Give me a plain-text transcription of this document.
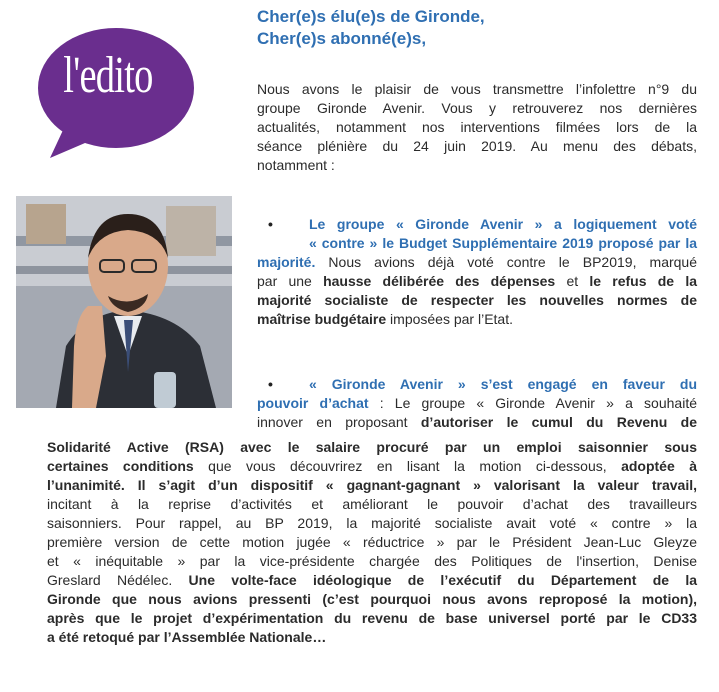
l'edito
Cher(e)s élu(e)s de Gironde,
Cher(e)s abonné(e)s,
Nous avons le plaisir de vous transmettre l’infolettre n°9 du
groupe Gironde Avenir. Vous y retrouverez nos dernières
actualités, notamment nos interventions filmées lors de la
séance plénière du 24 juin 2019. Au menu des débats,
notamment :
•	Le groupe « Gironde Avenir » a logiquement voté
« contre » le Budget Supplémentaire 2019 proposé par la
majorité. Nous avions déjà voté contre le BP2019, marqué
par une hausse délibérée des dépenses et le refus de la
majorité socialiste de respecter les nouvelles normes de
maîtrise budgétaire imposées par l’Etat.
•	« Gironde Avenir » s’est engagé en faveur du
pouvoir d’achat : Le groupe « Gironde Avenir » a souhaité
innover en proposant d’autoriser le cumul du Revenu de
Solidarité Active (RSA) avec le salaire procuré par un emploi saisonnier sous
certaines conditions que vous découvrirez en lisant la motion ci-dessous, adoptée à
l’unanimité. Il s’agit d’un dispositif « gagnant-gagnant » valorisant la valeur travail,
incitant à la reprise d’activités et améliorant le pouvoir d’achat des travailleurs
saisonniers. Pour rappel, au BP 2019, la majorité socialiste avait voté « contre » la
première version de cette motion jugée « réductrice » par le Président Jean-Luc Gleyze
et « inéquitable » par la vice-présidente chargée des Politiques de l'insertion, Denise
Greslard Nédélec. Une volte-face idéologique de l’exécutif du Département de la
Gironde que nous avions pressenti (c’est pourquoi nous avons reproposé la motion),
après que le projet d’expérimentation du revenu de base universel porté par le CD33
a été retoqué par l’Assemblée Nationale…
